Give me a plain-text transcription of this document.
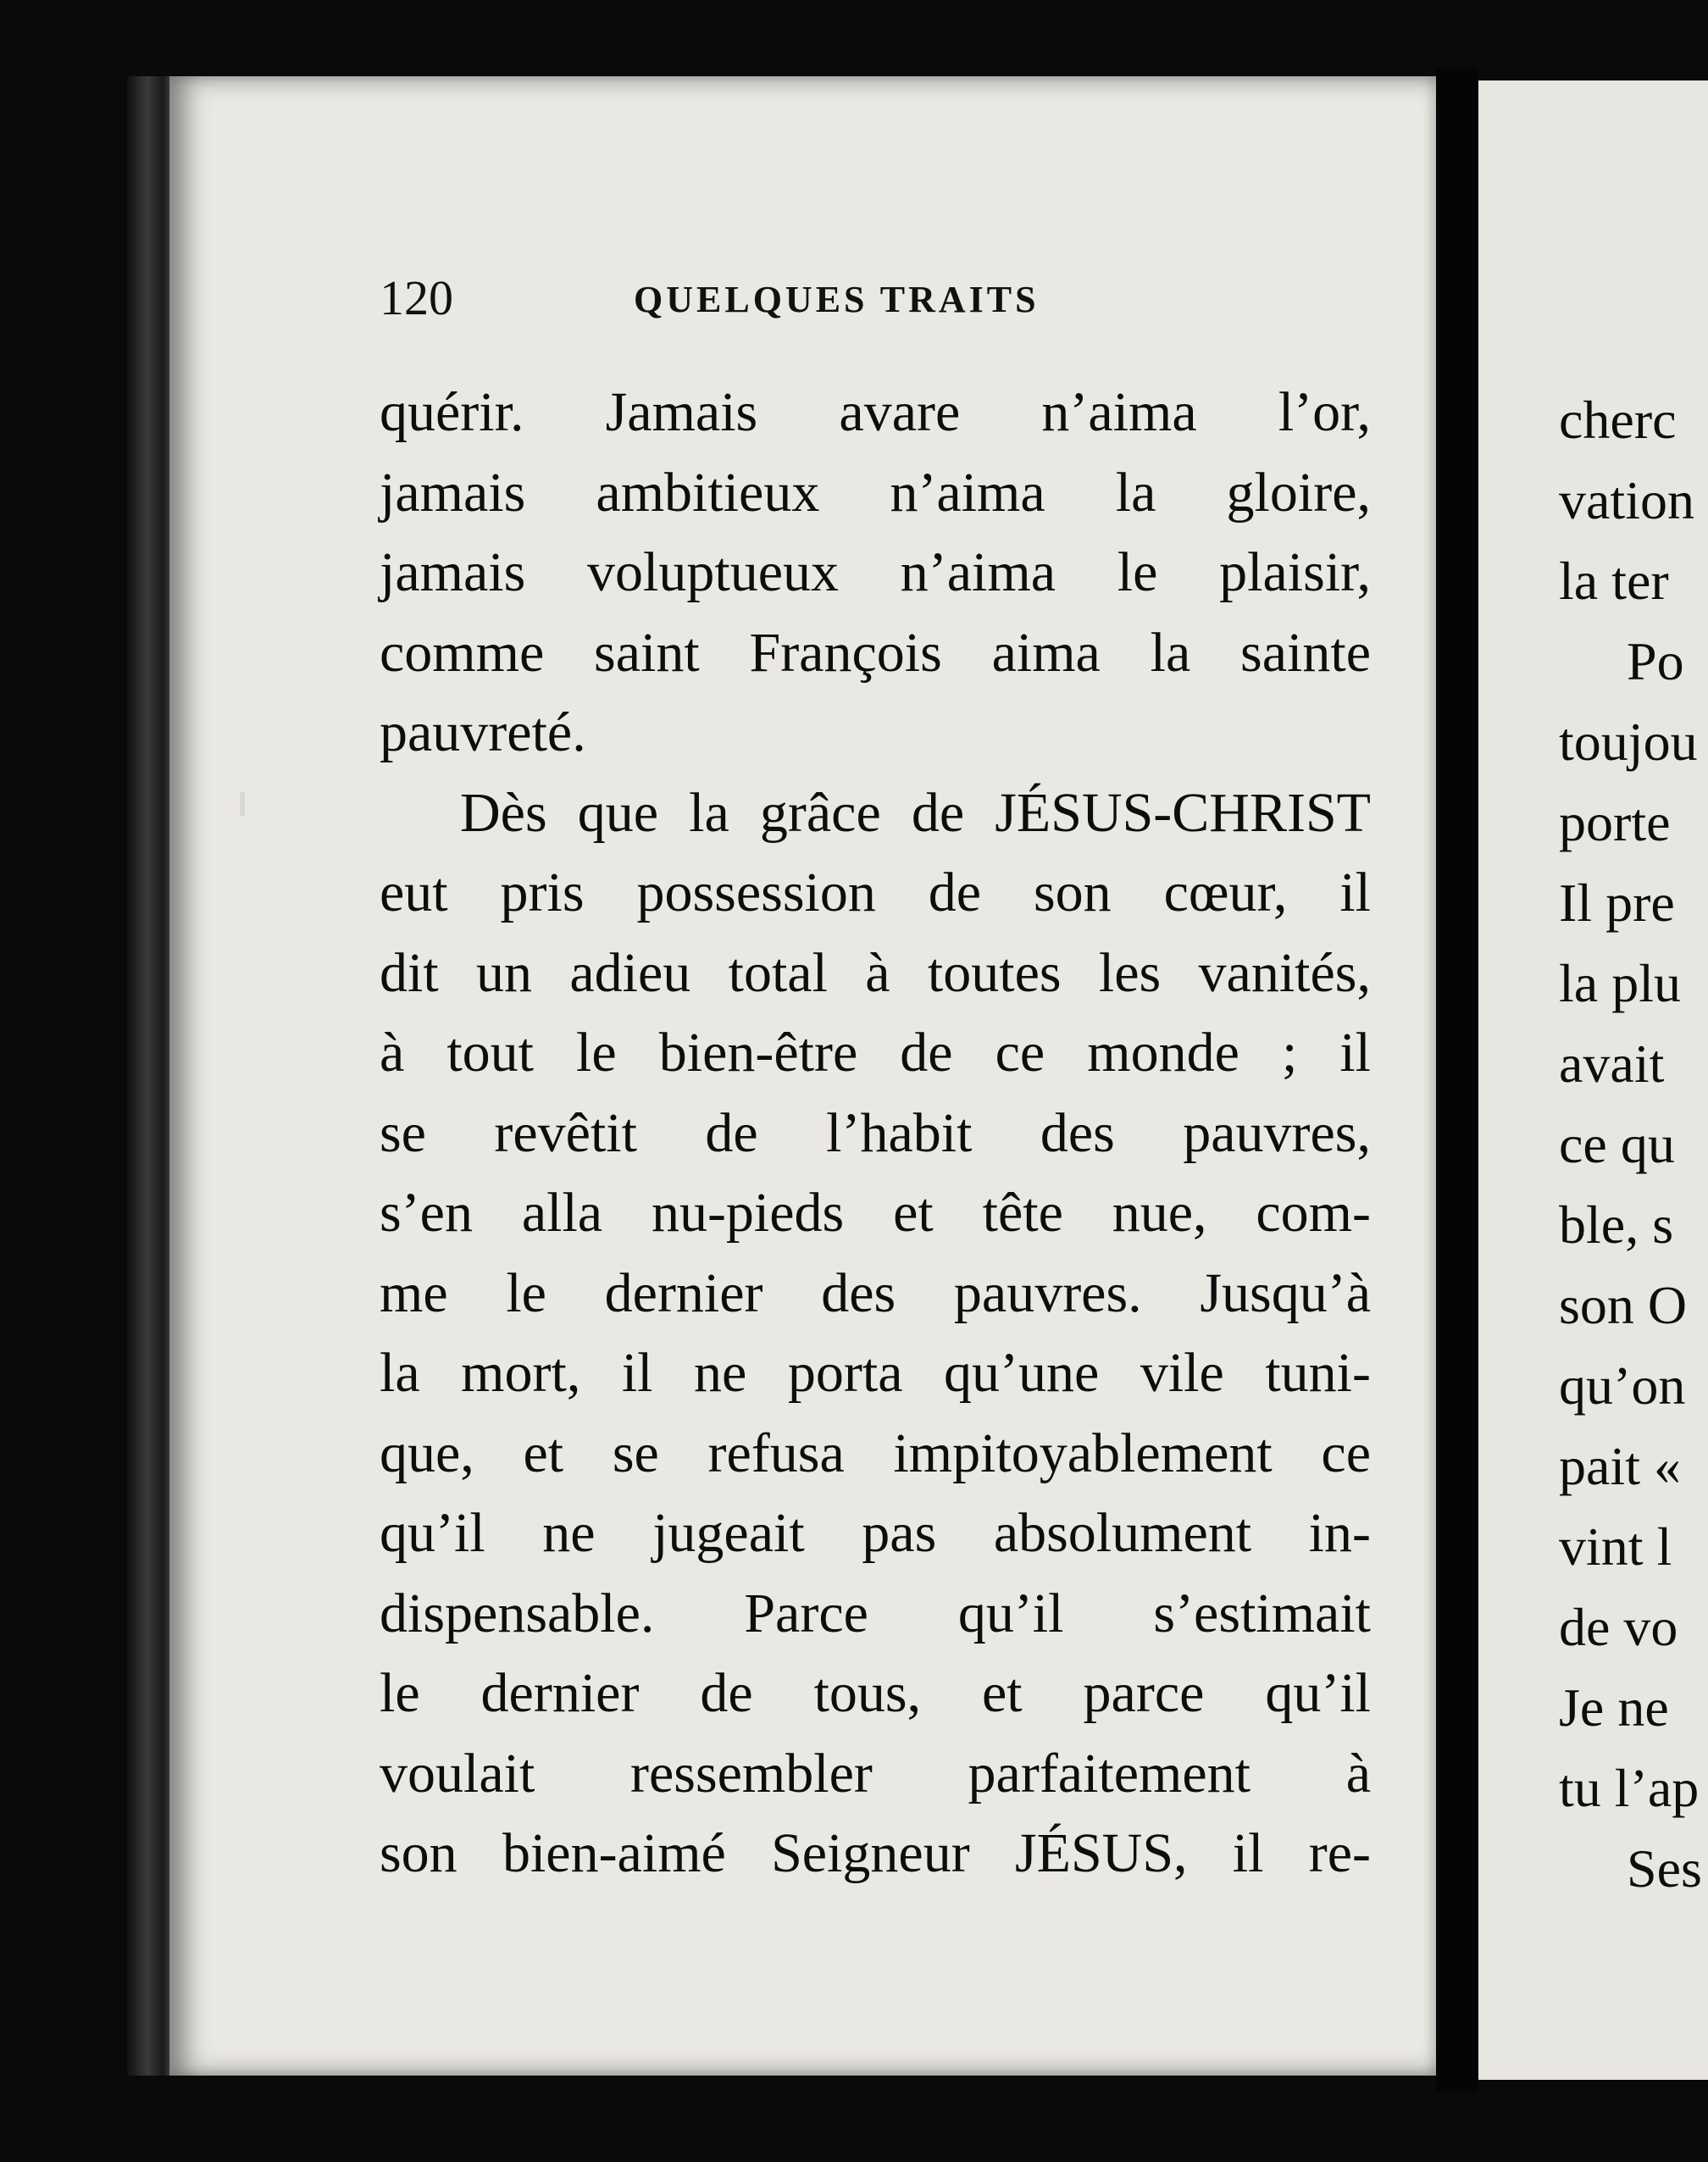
120	QUELQUES TRAITS
quérir. Jamais avare n’aima l’or,
jamais ambitieux n’aima la gloire,
jamais voluptueux n’aima le plaisir,
comme saint François aima la sainte
pauvreté.
Dès que la grâce de JÉSUS-CHRIST
eut pris possession de son cœur, il
dit un adieu total à toutes les vanités,
à tout le bien-être de ce monde ; il
se revêtit de l’habit des pauvres,
s’en alla nu-pieds et tête nue, com-
me le dernier des pauvres. Jusqu’à
la mort, il ne porta qu’une vile tuni-
que, et se refusa impitoyablement ce
qu’il ne jugeait pas absolument in-
dispensable. Parce qu’il s’estimait
le dernier de tous, et parce qu’il
voulait ressembler parfaitement à
son bien-aimé Seigneur JÉSUS, il re-
cherc
vation
la ter
Po
toujou
porte
Il pre
la plu
avait
ce qu
ble, s
son O
qu’on
pait «
vint l
de vo
Je ne
tu l’ap
Ses
